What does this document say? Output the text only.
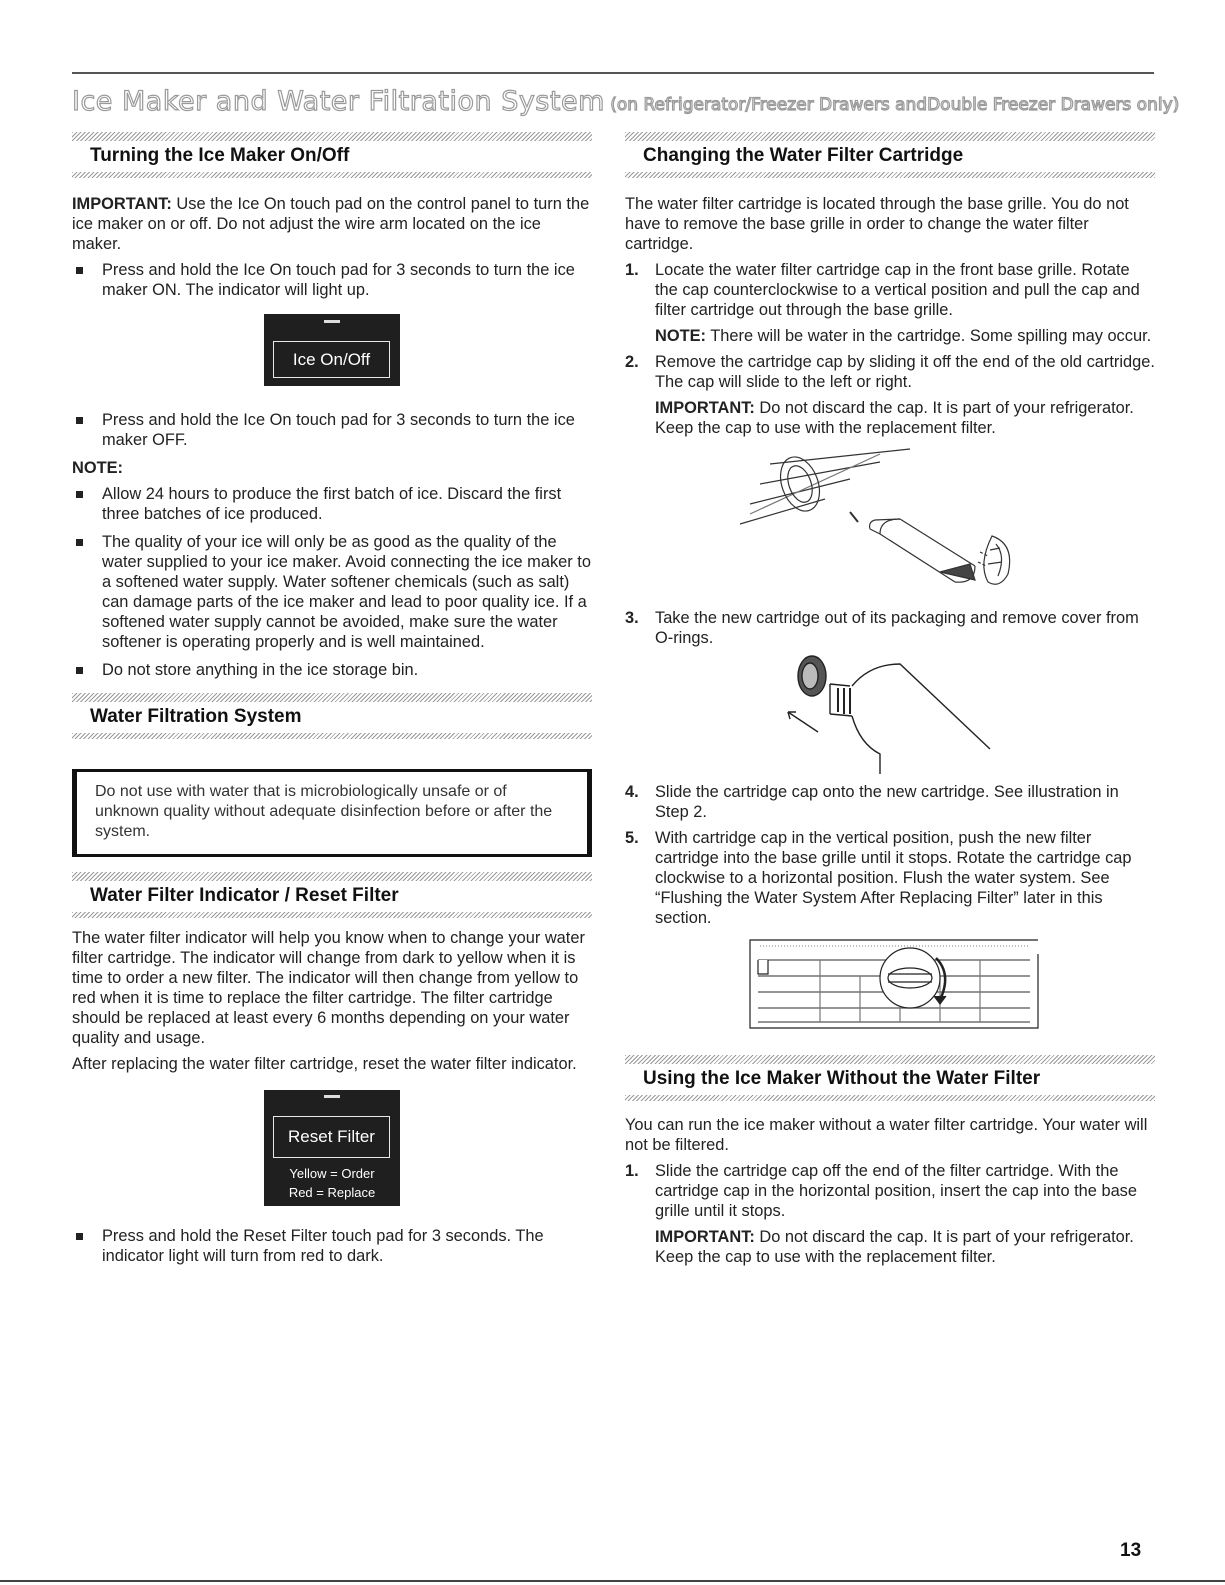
Ice Maker and Water Filtration System (on Refrigerator/Freezer Drawers andDouble Freezer Drawers only)
Turning the Ice Maker On/Off

IMPORTANT: Use the Ice On touch pad on the control panel to turn the ice maker on or off. Do not adjust the wire arm located on the ice maker.

Press and hold the Ice On touch pad for 3 seconds to turn the ice maker ON. The indicator will light up.
Ice On/Off
Press and hold the Ice On touch pad for 3 seconds to turn the ice maker OFF.

NOTE:

Allow 24 hours to produce the first batch of ice. Discard the first three batches of ice produced.
The quality of your ice will only be as good as the quality of the water supplied to your ice maker. Avoid connecting the ice maker to a softened water supply. Water softener chemicals (such as salt) can damage parts of the ice maker and lead to poor quality ice. If a softened water supply cannot be avoided, make sure the water softener is operating properly and is well maintained.
Do not store anything in the ice storage bin.
Water Filtration System
Do not use with water that is microbiologically unsafe or of unknown quality without adequate disinfection before or after the system.
Water Filter Indicator / Reset Filter

The water filter indicator will help you know when to change your water filter cartridge. The indicator will change from dark to yellow when it is time to order a new filter. The indicator will then change from yellow to red when it is time to replace the filter cartridge. The filter cartridge should be replaced at least every 6 months depending on your water quality and usage.

After replacing the water filter cartridge, reset the water filter indicator.

Reset Filter
Yellow = Order
Red = Replace
Press and hold the Reset Filter touch pad for 3 seconds. The indicator light will turn from red to dark.
Changing the Water Filter Cartridge

The water filter cartridge is located through the base grille. You do not have to remove the base grille in order to change the water filter cartridge.

1. Locate the water filter cartridge cap in the front base grille. Rotate the cap counterclockwise to a vertical position and pull the cap and filter cartridge out through the base grille.

NOTE: There will be water in the cartridge. Some spilling may occur.

2. Remove the cartridge cap by sliding it off the end of the old cartridge. The cap will slide to the left or right.

IMPORTANT: Do not discard the cap. It is part of your refrigerator. Keep the cap to use with the replacement filter.

3. Take the new cartridge out of its packaging and remove cover from O-rings.
4. Slide the cartridge cap onto the new cartridge. See illustration in Step 2.
5. With cartridge cap in the vertical position, push the new filter cartridge into the base grille until it stops. Rotate the cartridge cap clockwise to a horizontal position. Flush the water system. See “Flushing the Water System After Replacing Filter” later in this section.
Using the Ice Maker Without the Water Filter

You can run the ice maker without a water filter cartridge. Your water will not be filtered.

1. Slide the cartridge cap off the end of the filter cartridge. With the cartridge cap in the horizontal position, insert the cap into the base grille until it stops.

IMPORTANT: Do not discard the cap. It is part of your refrigerator. Keep the cap to use with the replacement filter.

13
